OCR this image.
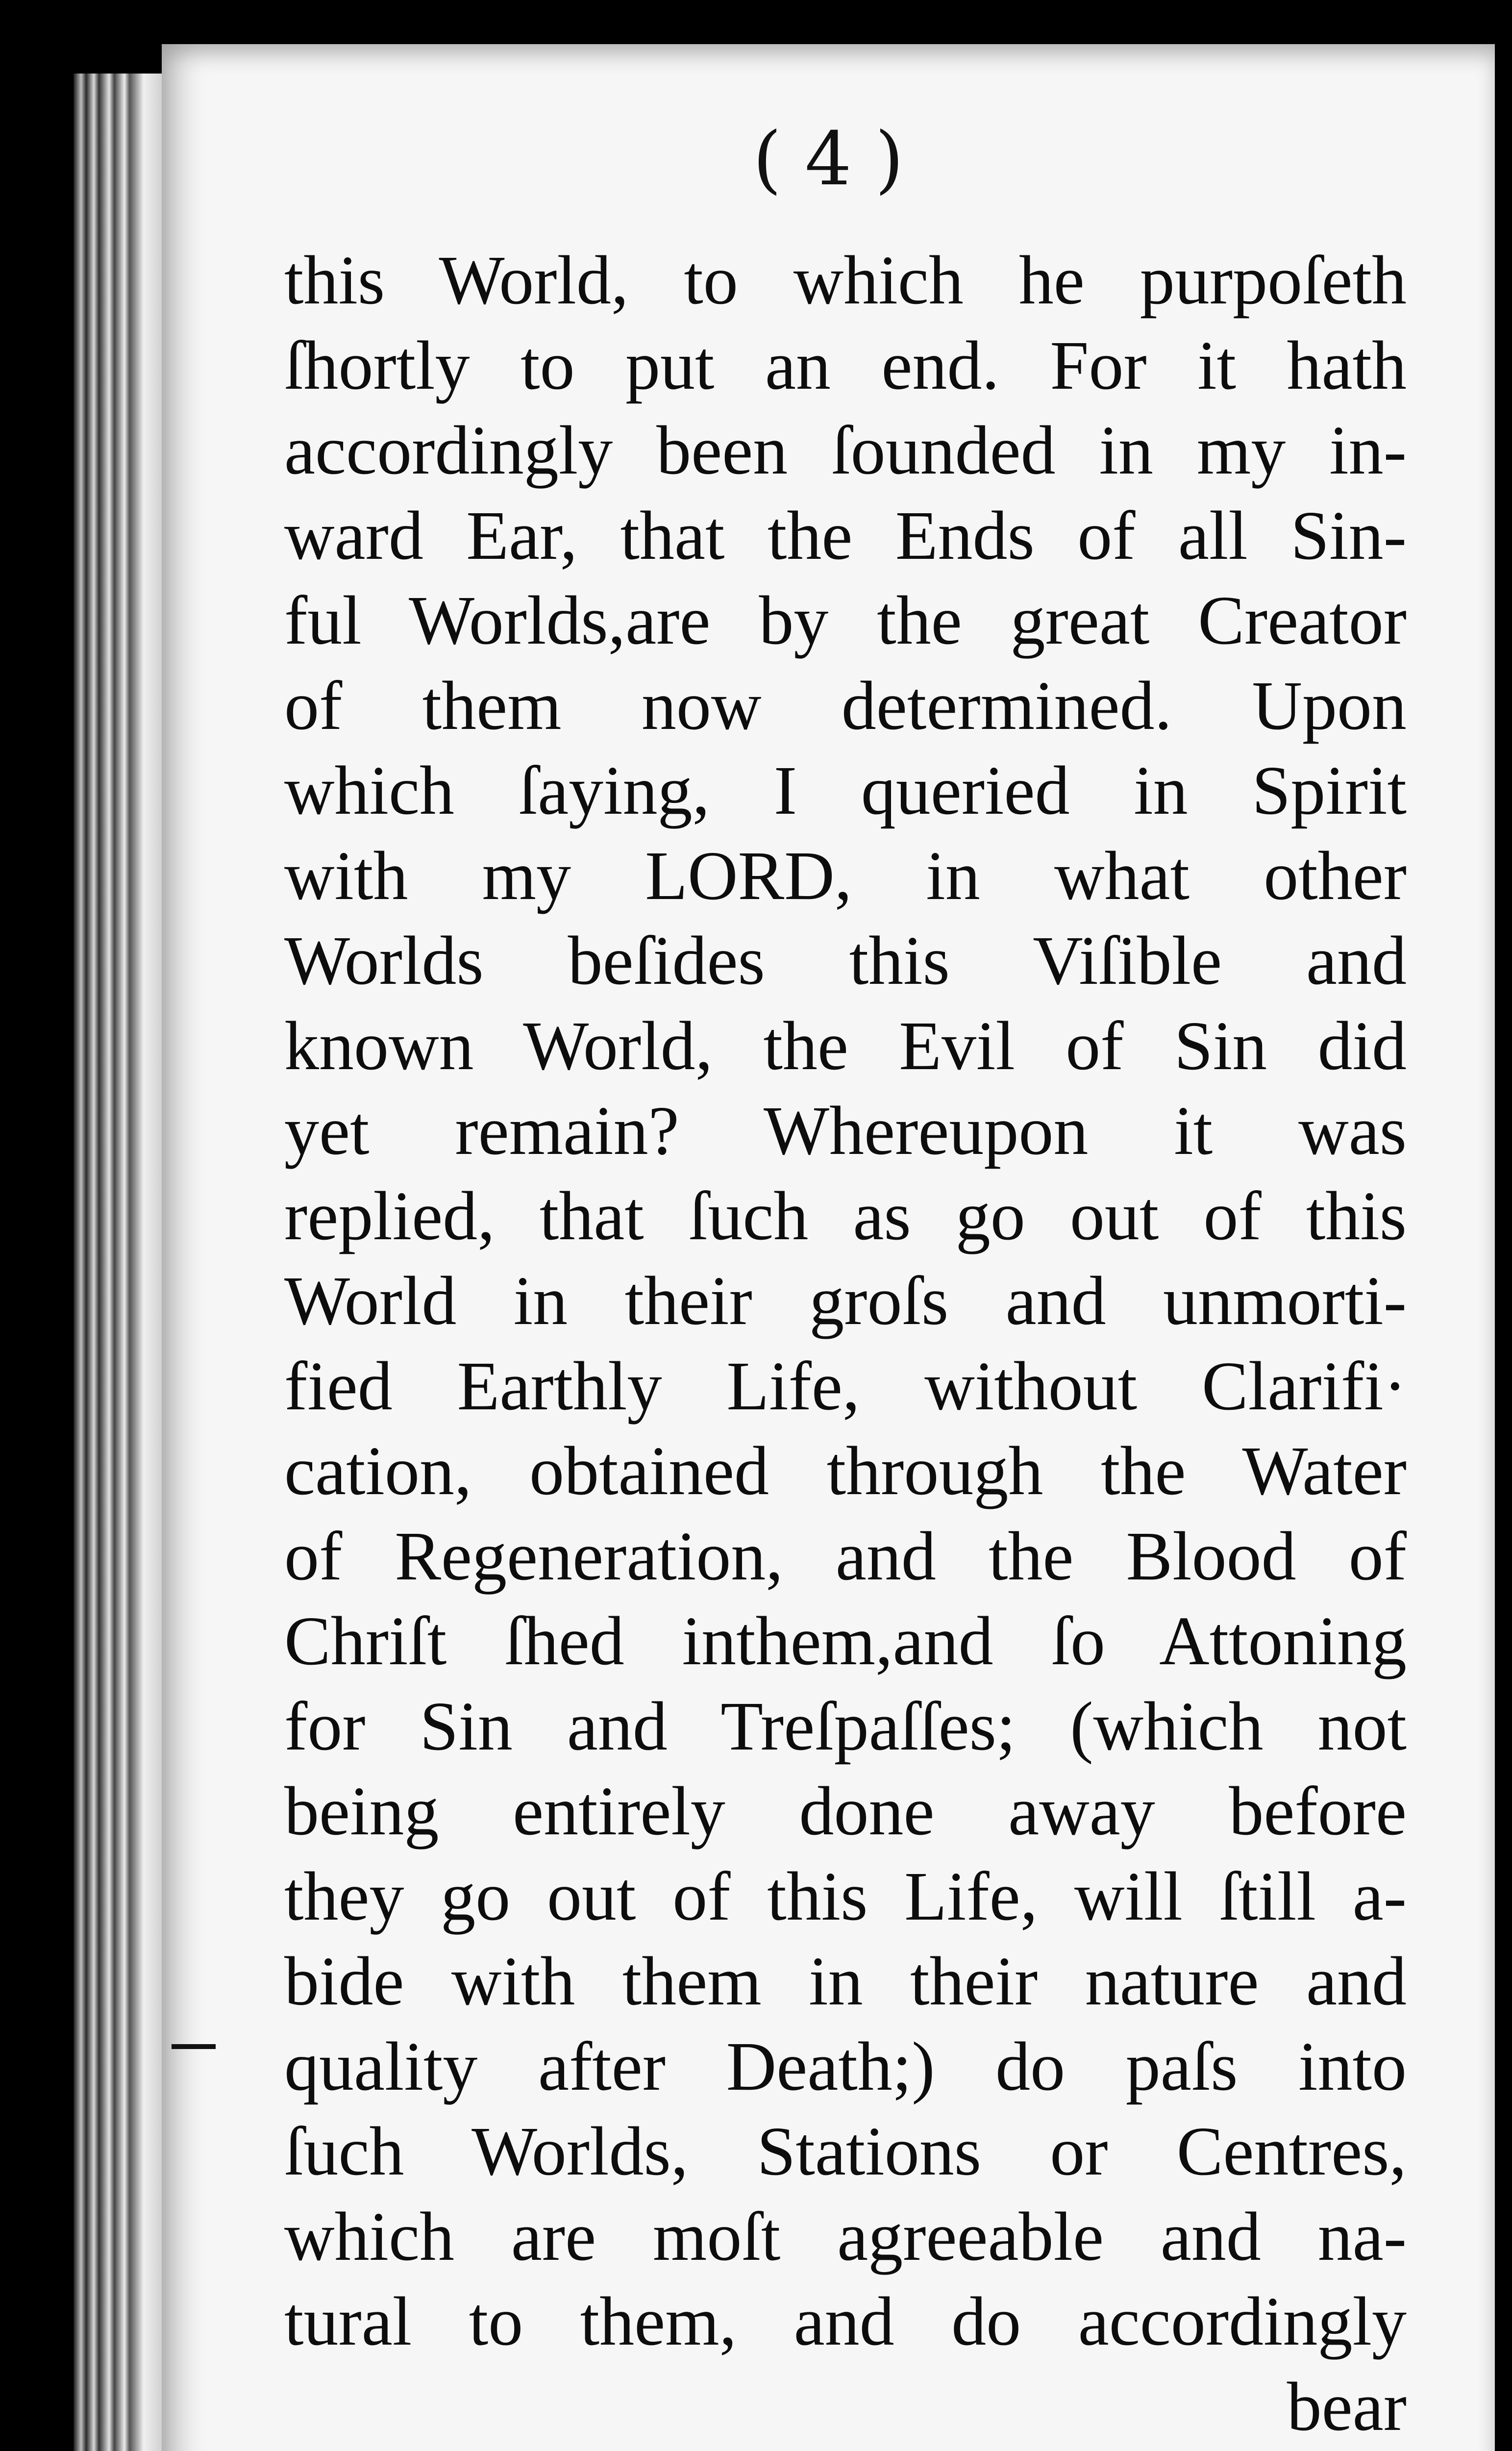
( 4 )
this World, to which he purpoſeth
ſhortly to put an end. For it hath
accordingly been ſounded in my in-
ward Ear, that the Ends of all Sin-
ful Worlds,are by the great Creator
of them now determined. Upon
which ſaying, I queried in Spirit
with my LORD, in what other
Worlds beſides this Viſible and
known World, the Evil of Sin did
yet remain? Whereupon it was
replied, that ſuch as go out of this
World in their groſs and unmorti-
fied Earthly Life, without Clarifi·
cation, obtained through the Water
of Regeneration, and the Blood of
Chriſt ſhed inthem,and ſo Attoning
for Sin and Treſpaſſes; (which not
being entirely done away before
they go out of this Life, will ſtill a-
bide with them in their nature and
quality after Death;) do paſs into
ſuch Worlds, Stations or Centres,
which are moſt agreeable and na-
tural to them, and do accordingly
bear
